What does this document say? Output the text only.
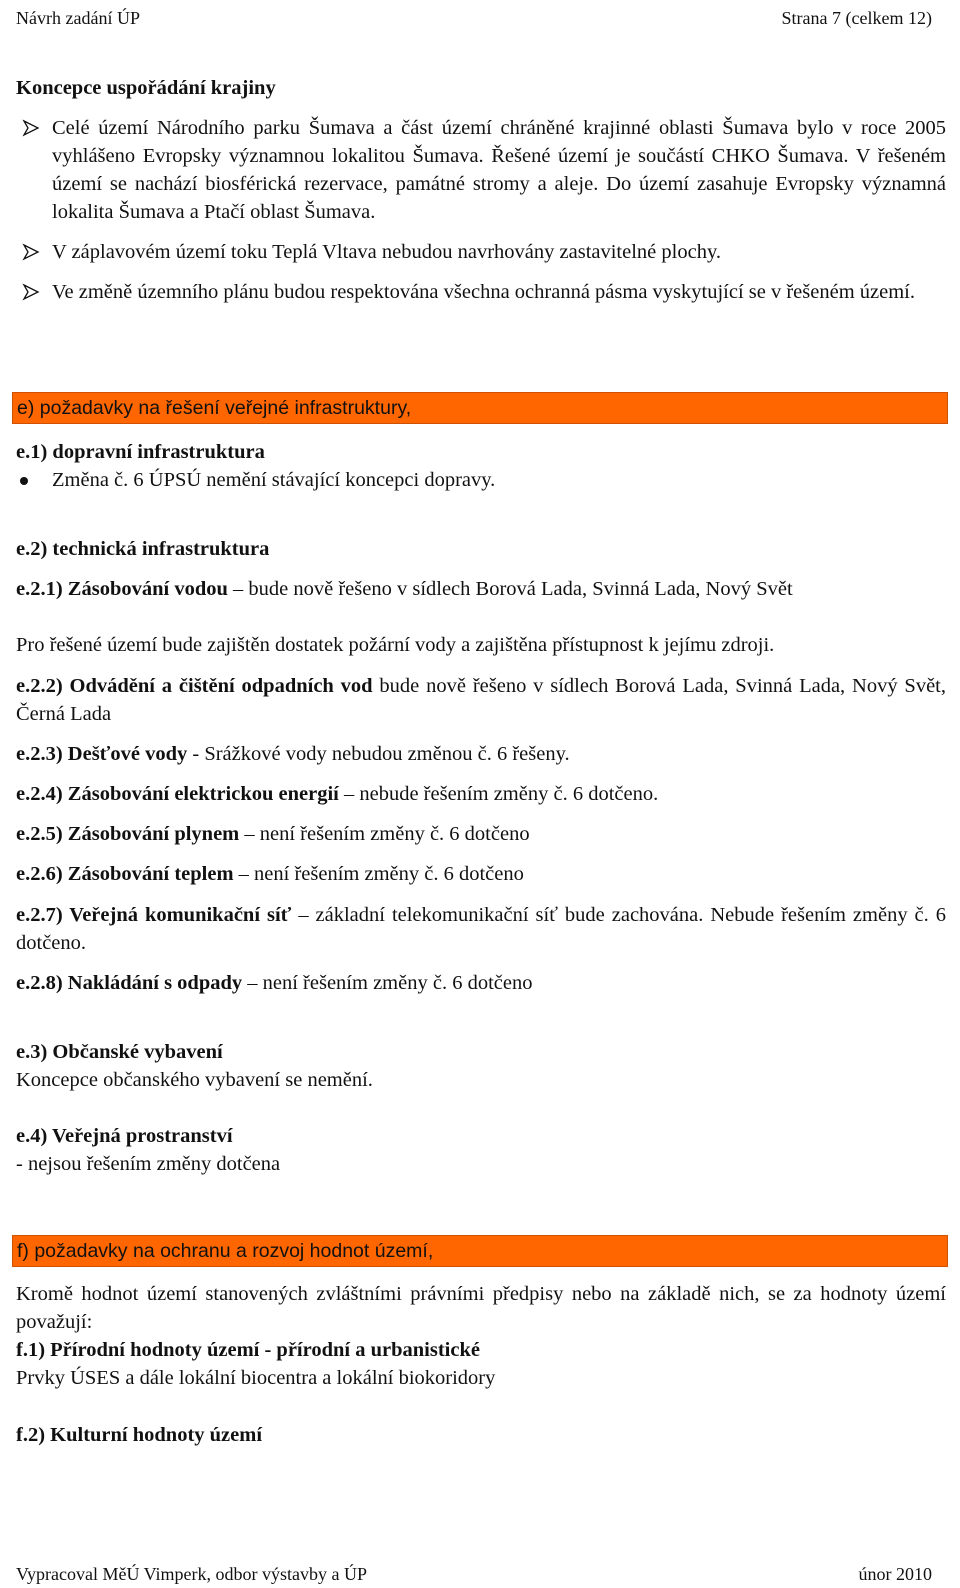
Návrh zadání ÚP	Strana 7 (celkem 12)
Koncepce uspořádání krajiny
Celé území Národního parku Šumava a část území chráněné krajinné oblasti Šumava bylo v roce 2005 vyhlášeno Evropsky významnou lokalitou Šumava. Řešené území je součástí CHKO Šumava. V řešeném území se nachází biosférická rezervace, památné stromy a aleje. Do území zasahuje Evropsky významná lokalita Šumava a Ptačí oblast Šumava.
V záplavovém území toku Teplá Vltava nebudou navrhovány zastavitelné plochy.
Ve změně územního plánu budou respektována všechna ochranná pásma vyskytující se v řešeném území.
e) požadavky na řešení veřejné infrastruktury,
e.1) dopravní infrastruktura
Změna č. 6 ÚPSÚ nemění stávající koncepci dopravy.
e.2) technická infrastruktura
e.2.1) Zásobování vodou – bude nově řešeno v sídlech Borová Lada, Svinná Lada, Nový Svět
Pro řešené území bude zajištěn dostatek požární vody a zajištěna přístupnost k jejímu zdroji.
e.2.2) Odvádění a čištění odpadních vod bude nově řešeno v sídlech Borová Lada, Svinná Lada, Nový Svět, Černá Lada
e.2.3) Dešťové vody - Srážkové vody nebudou změnou č. 6 řešeny.
e.2.4) Zásobování elektrickou energií – nebude řešením změny č. 6 dotčeno.
e.2.5) Zásobování plynem – není řešením změny č. 6 dotčeno
e.2.6) Zásobování teplem – není řešením změny č. 6 dotčeno
e.2.7) Veřejná komunikační síť – základní telekomunikační síť bude zachována. Nebude řešením změny č. 6 dotčeno.
e.2.8) Nakládání s odpady – není řešením změny č. 6 dotčeno
e.3) Občanské vybavení
Koncepce občanského vybavení se nemění.
e.4) Veřejná prostranství
- nejsou řešením změny dotčena
f) požadavky na ochranu a rozvoj hodnot území,
Kromě hodnot území stanovených zvláštními právními předpisy nebo na základě nich, se za hodnoty území považují:
f.1) Přírodní hodnoty území - přírodní a urbanistické
Prvky ÚSES a dále lokální biocentra a lokální biokoridory
f.2) Kulturní hodnoty území
Vypracoval MěÚ Vimperk, odbor výstavby a ÚP	únor 2010
